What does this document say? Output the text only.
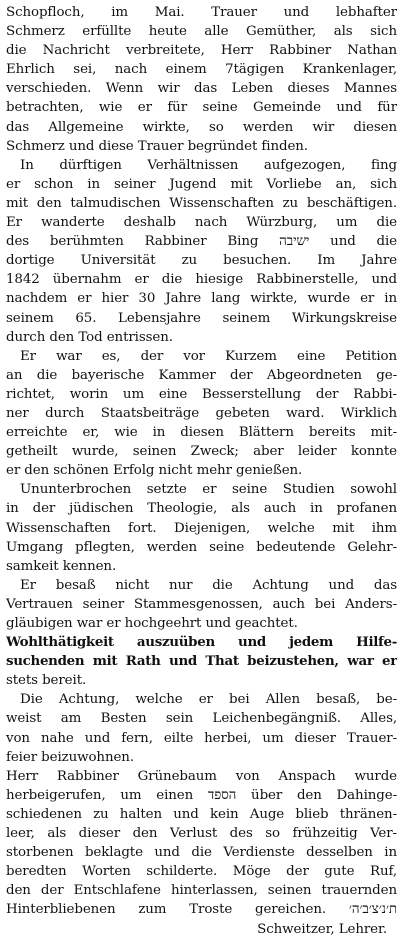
Schopfloch, im Mai. Trauer und lebhafter
Schmerz erfüllte heute alle Gemüther, als sich
die Nachricht verbreitete, Herr Rabbiner Nathan
Ehrlich sei, nach einem 7tägigen Krankenlager,
verschieden. Wenn wir das Leben dieses Mannes
betrachten, wie er für seine Gemeinde und für
das Allgemeine wirkte, so werden wir diesen
Schmerz und diese Trauer begründet finden.
In dürftigen Verhältnissen aufgezogen, fing
er schon in seiner Jugend mit Vorliebe an, sich
mit den talmudischen Wissenschaften zu beschäftigen.
Er wanderte deshalb nach Würzburg, um die
des berühmten Rabbiner Bing ישיבה und die
dortige Universität zu besuchen. Im Jahre
1842 übernahm er die hiesige Rabbinerstelle, und
nachdem er hier 30 Jahre lang wirkte, wurde er in
seinem 65. Lebensjahre seinem Wirkungskreise
durch den Tod entrissen.
Er war es, der vor Kurzem eine Petition
an die bayerische Kammer der Abgeordneten ge-
richtet, worin um eine Besserstellung der Rabbi-
ner durch Staatsbeiträge gebeten ward. Wirklich
erreichte er, wie in diesen Blättern bereits mit-
getheilt wurde, seinen Zweck; aber leider konnte
er den schönen Erfolg nicht mehr genießen.
Ununterbrochen setzte er seine Studien sowohl
in der jüdischen Theologie, als auch in profanen
Wissenschaften fort. Diejenigen, welche mit ihm
Umgang pflegten, werden seine bedeutende Gelehr-
samkeit kennen.
Er besaß nicht nur die Achtung und das
Vertrauen seiner Stammesgenossen, auch bei Anders-
gläubigen war er hochgeehrt und geachtet.
Wohlthätigkeit auszuüben und jedem Hilfe-
suchenden mit Rath und That beizustehen, war er
stets bereit.
Die Achtung, welche er bei Allen besaß, be-
weist am Besten sein Leichenbegängniß. Alles,
von nahe und fern, eilte herbei, um dieser Trauer-
feier beizuwohnen.
Herr Rabbiner Grünebaum von Anspach wurde
herbeigerufen, um einen הספד über den Dahinge-
schiedenen zu halten und kein Auge blieb thränen-
leer, als dieser den Verlust des so frühzeitig Ver-
storbenen beklagte und die Verdienste desselben in
beredten Worten schilderte. Möge der gute Ruf,
den der Entschlafene hinterlassen, seinen trauernden
Hinterbliebenen zum Troste gereichen. ת׳נ׳צ׳ב׳ה׳
Schweitzer, Lehrer.
